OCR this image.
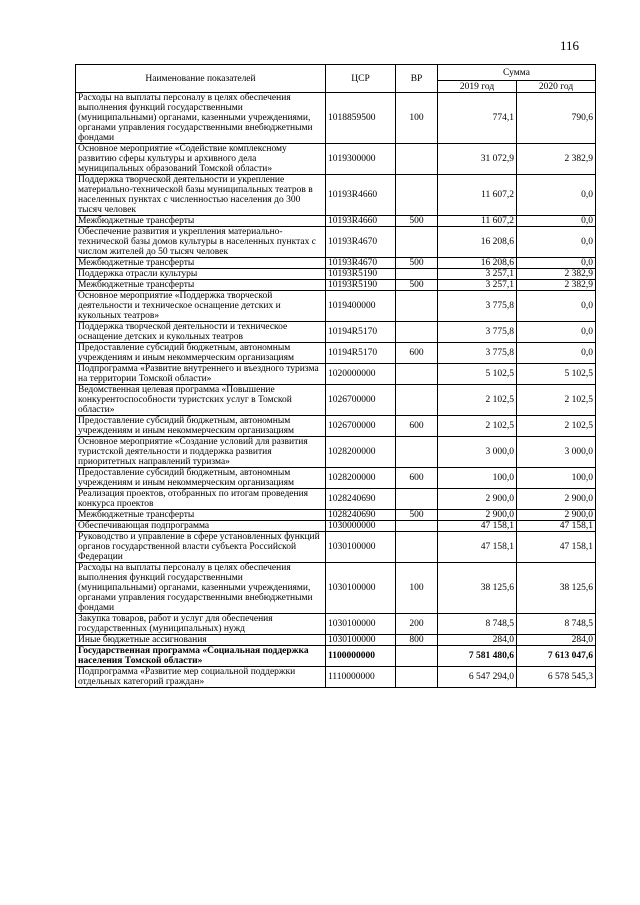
116
Наименование показателей	ЦСР	ВР	Сумма	
			2019 год	2020 год
Расходы на выплаты персоналу в целях обеспечения выполнения функций государственными (муниципальными) органами, казенными учреждениями, органами управления государственными внебюджетными фондами	1018859500	100	774,1	790,6
Основное мероприятие «Содействие комплексному развитию сферы культуры и архивного дела муниципальных образований Томской области»	1019300000		31 072,9	2 382,9
Поддержка творческой деятельности и укрепление материально-технической базы муниципальных театров в населенных пунктах с численностью населения до 300 тысяч человек	10193R4660		11 607,2	0,0
Межбюджетные трансферты	10193R4660	500	11 607,2	0,0
Обеспечение развития и укрепления материально-технической базы домов культуры в населенных пунктах с числом жителей до 50 тысяч человек	10193R4670		16 208,6	0,0
Межбюджетные трансферты	10193R4670	500	16 208,6	0,0
Поддержка отрасли культуры	10193R5190		3 257,1	2 382,9
Межбюджетные трансферты	10193R5190	500	3 257,1	2 382,9
Основное мероприятие «Поддержка творческой деятельности и техническое оснащение детских и кукольных театров»	1019400000		3 775,8	0,0
Поддержка творческой деятельности и техническое оснащение детских и кукольных театров	10194R5170		3 775,8	0,0
Предоставление субсидий бюджетным, автономным учреждениям и иным некоммерческим организациям	10194R5170	600	3 775,8	0,0
Подпрограмма «Развитие внутреннего и въездного туризма на территории Томской области»	1020000000		5 102,5	5 102,5
Ведомственная целевая программа «Повышение конкурентоспособности туристских услуг в Томской области»	1026700000		2 102,5	2 102,5
Предоставление субсидий бюджетным, автономным учреждениям и иным некоммерческим организациям	1026700000	600	2 102,5	2 102,5
Основное мероприятие «Создание условий для развития туристской деятельности и поддержка развития приоритетных направлений туризма»	1028200000		3 000,0	3 000,0
Предоставление субсидий бюджетным, автономным учреждениям и иным некоммерческим организациям	1028200000	600	100,0	100,0
Реализация проектов, отобранных по итогам проведения конкурса проектов	1028240690		2 900,0	2 900,0
Межбюджетные трансферты	1028240690	500	2 900,0	2 900,0
Обеспечивающая подпрограмма	1030000000		47 158,1	47 158,1
Руководство и управление в сфере установленных функций органов государственной власти субъекта Российской Федерации	1030100000		47 158,1	47 158,1
Расходы на выплаты персоналу в целях обеспечения выполнения функций государственными (муниципальными) органами, казенными учреждениями, органами управления государственными внебюджетными фондами	1030100000	100	38 125,6	38 125,6
Закупка товаров, работ и услуг для обеспечения государственных (муниципальных) нужд	1030100000	200	8 748,5	8 748,5
Иные бюджетные ассигнования	1030100000	800	284,0	284,0
Государственная программа «Социальная поддержка населения Томской области»	1100000000		7 581 480,6	7 613 047,6
Подпрограмма «Развитие мер социальной поддержки отдельных категорий граждан»	1110000000		6 547 294,0	6 578 545,3
